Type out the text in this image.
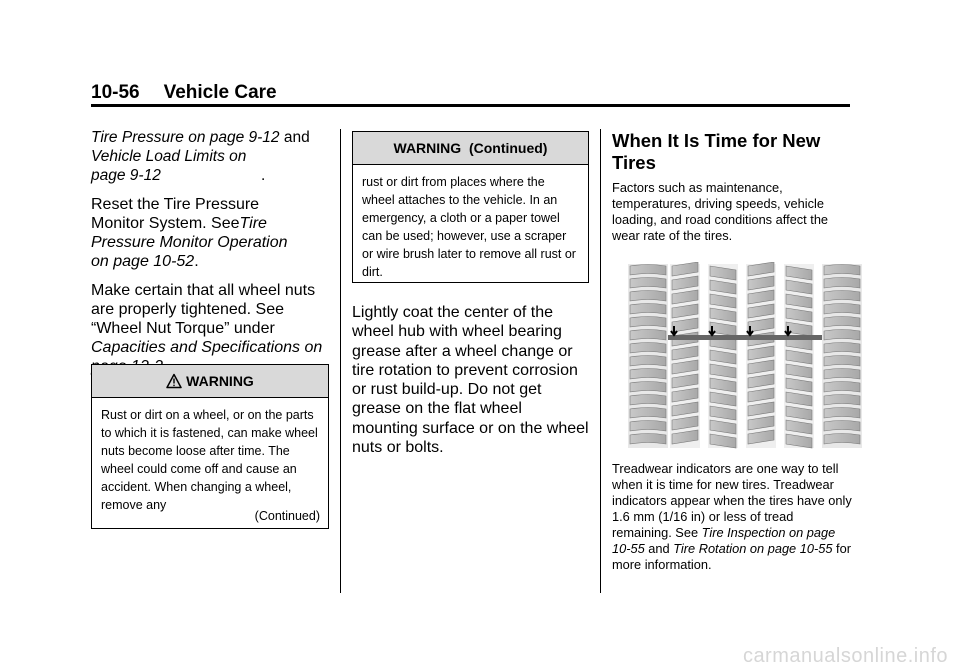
10-56 Vehicle Care

Tire Pressure on page 9-12 and Vehicle Load Limits on page 9-12	.

Reset the Tire Pressure Monitor System. SeeTire Pressure Monitor Operation on page 10-52.

Make certain that all wheel nuts are properly tightened. See “Wheel Nut Torque” under Capacities and Specifications on

WARNING
Rust or dirt on a wheel, or on the parts to which it is fastened, can make wheel nuts become loose after time. The wheel could come off and cause an accident. When changing a wheel, remove any
(Continued)
WARNING  (Continued)
rust or dirt from places where the wheel attaches to the vehicle. In an emergency, a cloth or a paper towel can be used; however, use a scraper or wire brush later to remove all rust or dirt.

Lightly coat the center of the wheel hub with wheel bearing grease after a wheel change or tire rotation to prevent corrosion or rust build-up. Do not get grease on the flat wheel mounting surface or on the wheel nuts or bolts.

When It Is Time for New Tires

Factors such as maintenance, temperatures, driving speeds, vehicle loading, and road conditions affect the wear rate of the tires.

Treadwear indicators are one way to tell when it is time for new tires. Treadwear indicators appear when the tires have only 1.6 mm (1/16 in) or less of tread remaining. See Tire Inspection on page 10-55 and Tire Rotation on page 10-55 for more information.

carmanualsonline.info
